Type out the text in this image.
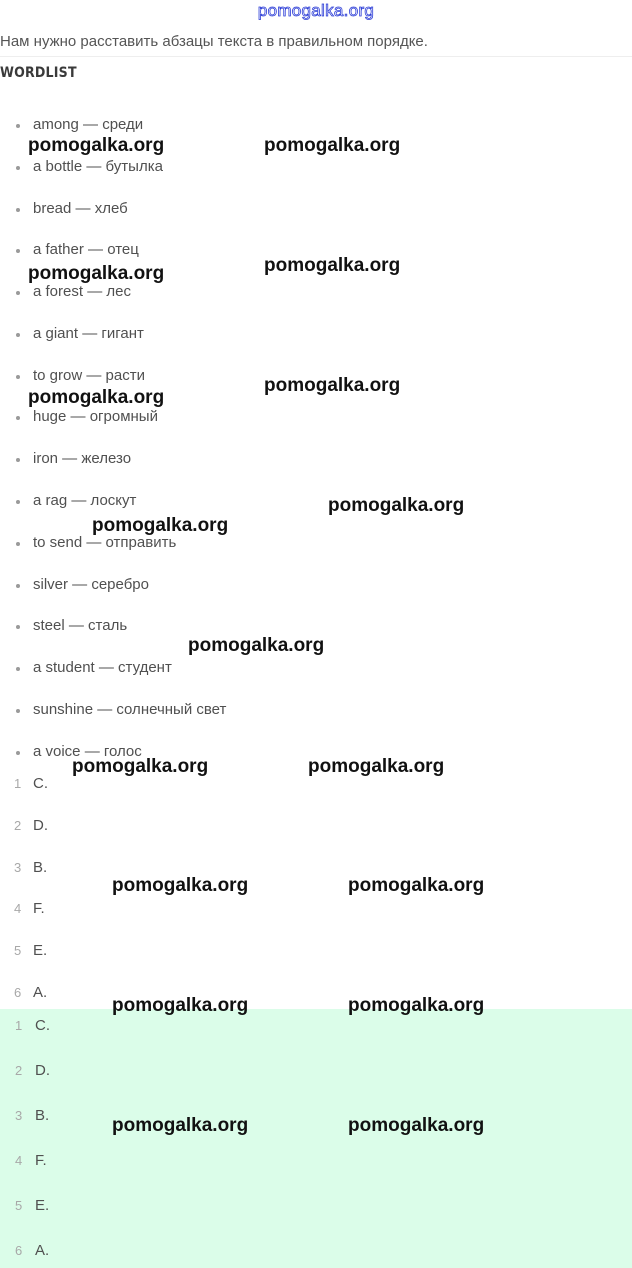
pomogalka.org
Нам нужно расставить абзацы текста в правильном порядке.
WORDLIST
among — среди
a bottle — бутылка
bread — хлеб
a father — отец
a forest — лес
a giant — гигант
to grow — расти
huge — огромный
iron — железо
a rag — лоскут
to send — отправить
silver — серебро
steel — сталь
a student — студент
sunshine — солнечный свет
a voice — голос
1 C.
2 D.
3 B.
4 F.
5 E.
6 A.
1 C.
2 D.
3 B.
4 F.
5 E.
6 A.
pomogalka.org	pomogalka.org
pomogalka.org	pomogalka.org
pomogalka.org
pomogalka.org
pomogalka.org
pomogalka.org
pomogalka.org
pomogalka.org	pomogalka.org
pomogalka.org	pomogalka.org
pomogalka.org	pomogalka.org
pomogalka.org	pomogalka.org
